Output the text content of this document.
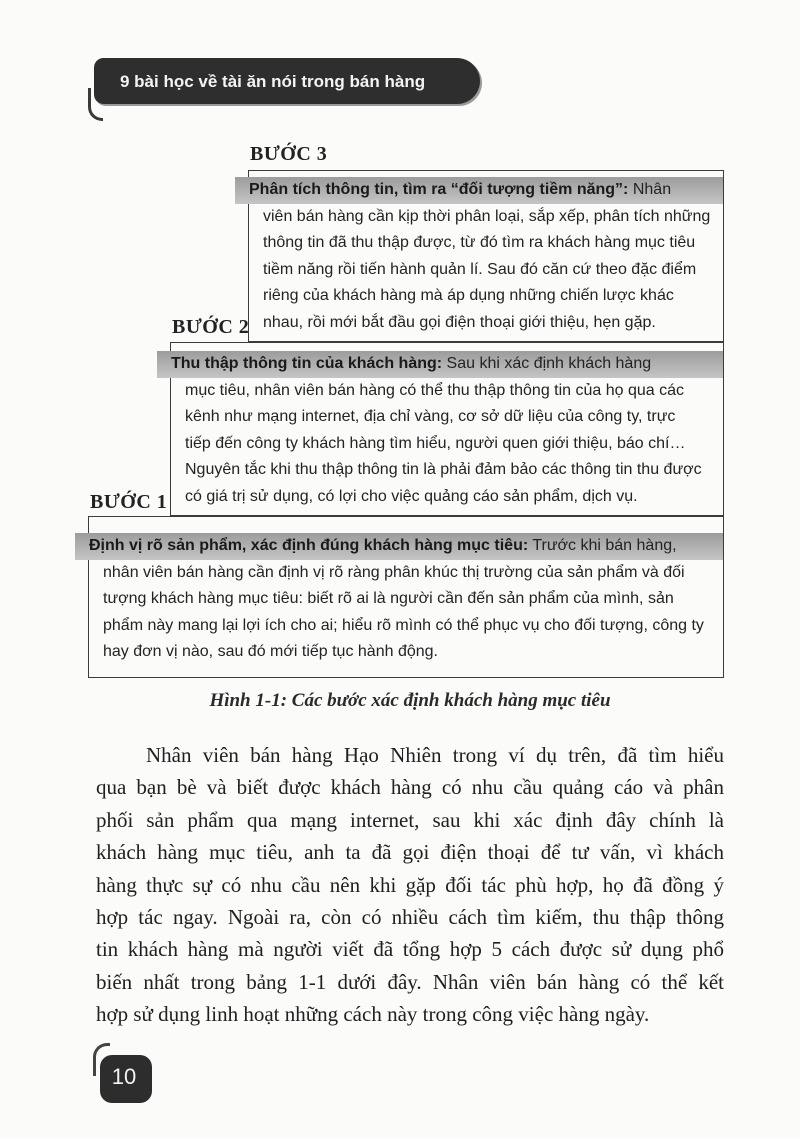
9 bài học về tài ăn nói trong bán hàng
BƯỚC 3
Phân tích thông tin, tìm ra “đối tượng tiềm năng”: Nhân
viên bán hàng cần kịp thời phân loại, sắp xếp, phân tích những
thông tin đã thu thập được, từ đó tìm ra khách hàng mục tiêu
tiềm năng rồi tiến hành quản lí. Sau đó căn cứ theo đặc điểm
riêng của khách hàng mà áp dụng những chiến lược khác
nhau, rồi mới bắt đầu gọi điện thoại giới thiệu, hẹn gặp.
BƯỚC 2
Thu thập thông tin của khách hàng: Sau khi xác định khách hàng
mục tiêu, nhân viên bán hàng có thể thu thập thông tin của họ qua các
kênh như mạng internet, địa chỉ vàng, cơ sở dữ liệu của công ty, trực
tiếp đến công ty khách hàng tìm hiểu, người quen giới thiệu, báo chí…
Nguyên tắc khi thu thập thông tin là phải đảm bảo các thông tin thu được
có giá trị sử dụng, có lợi cho việc quảng cáo sản phẩm, dịch vụ.
BƯỚC 1
Định vị rõ sản phẩm, xác định đúng khách hàng mục tiêu: Trước khi bán hàng,
nhân viên bán hàng cần định vị rõ ràng phân khúc thị trường của sản phẩm và đối
tượng khách hàng mục tiêu: biết rõ ai là người cần đến sản phẩm của mình, sản
phẩm này mang lại lợi ích cho ai; hiểu rõ mình có thể phục vụ cho đối tượng, công ty
hay đơn vị nào, sau đó mới tiếp tục hành động.
Hình 1-1: Các bước xác định khách hàng mục tiêu
Nhân viên bán hàng Hạo Nhiên trong ví dụ trên, đã tìm hiểu
qua bạn bè và biết được khách hàng có nhu cầu quảng cáo và phân
phối sản phẩm qua mạng internet, sau khi xác định đây chính là
khách hàng mục tiêu, anh ta đã gọi điện thoại để tư vấn, vì khách
hàng thực sự có nhu cầu nên khi gặp đối tác phù hợp, họ đã đồng ý
hợp tác ngay. Ngoài ra, còn có nhiều cách tìm kiếm, thu thập thông
tin khách hàng mà người viết đã tổng hợp 5 cách được sử dụng phổ
biến nhất trong bảng 1-1 dưới đây. Nhân viên bán hàng có thể kết
hợp sử dụng linh hoạt những cách này trong công việc hàng ngày.
10
